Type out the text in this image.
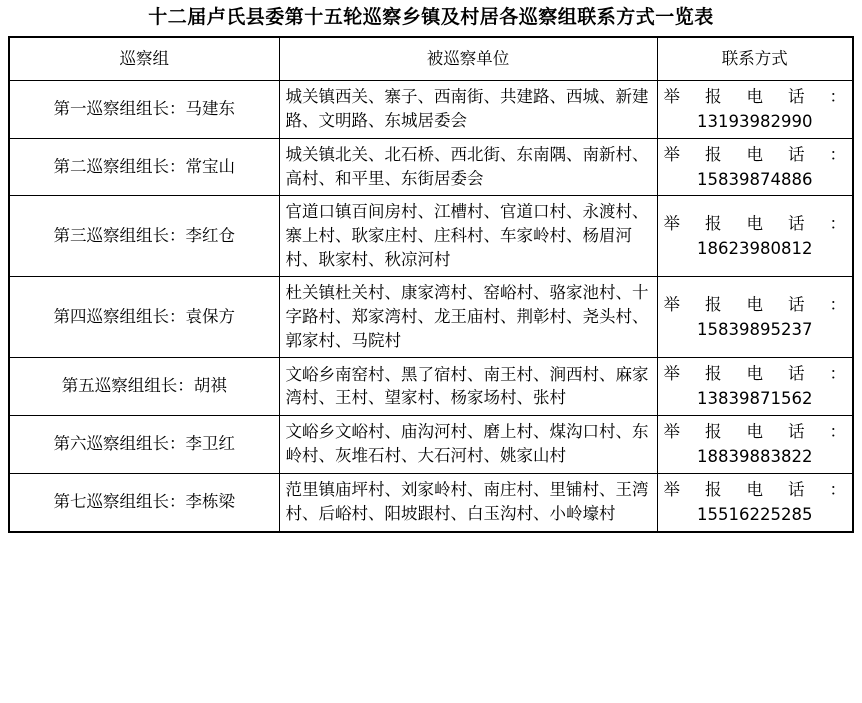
十二届卢氏县委第十五轮巡察乡镇及村居各巡察组联系方式一览表
巡察组	被巡察单位	联系方式
第一巡察组组长：马建东	城关镇西关、寨子、西南街、共建路、西城、新建路、文明路、东城居委会	举报电话：
13193982990

第二巡察组组长：常宝山	城关镇北关、北石桥、西北街、东南隅、南新村、高村、和平里、东街居委会	举报电话：
15839874886

第三巡察组组长：李红仓	官道口镇百间房村、江槽村、官道口村、永渡村、寨上村、耿家庄村、庄科村、车家岭村、杨眉河村、耿家村、秋凉河村	举报电话：
18623980812

第四巡察组组长：袁保方	杜关镇杜关村、康家湾村、窑峪村、骆家池村、十字路村、郑家湾村、龙王庙村、荆彰村、尧头村、郭家村、马院村	举报电话：
15839895237

第五巡察组组长：胡祺	文峪乡南窑村、黑了宿村、南王村、涧西村、麻家湾村、王村、望家村、杨家场村、张村	举报电话：
13839871562

第六巡察组组长：李卫红	文峪乡文峪村、庙沟河村、磨上村、煤沟口村、东岭村、灰堆石村、大石河村、姚家山村	举报电话：
18839883822

第七巡察组组长：李栋梁	范里镇庙坪村、刘家岭村、南庄村、里铺村、王湾村、后峪村、阳坡跟村、白玉沟村、小岭壕村	举报电话：
15516225285
